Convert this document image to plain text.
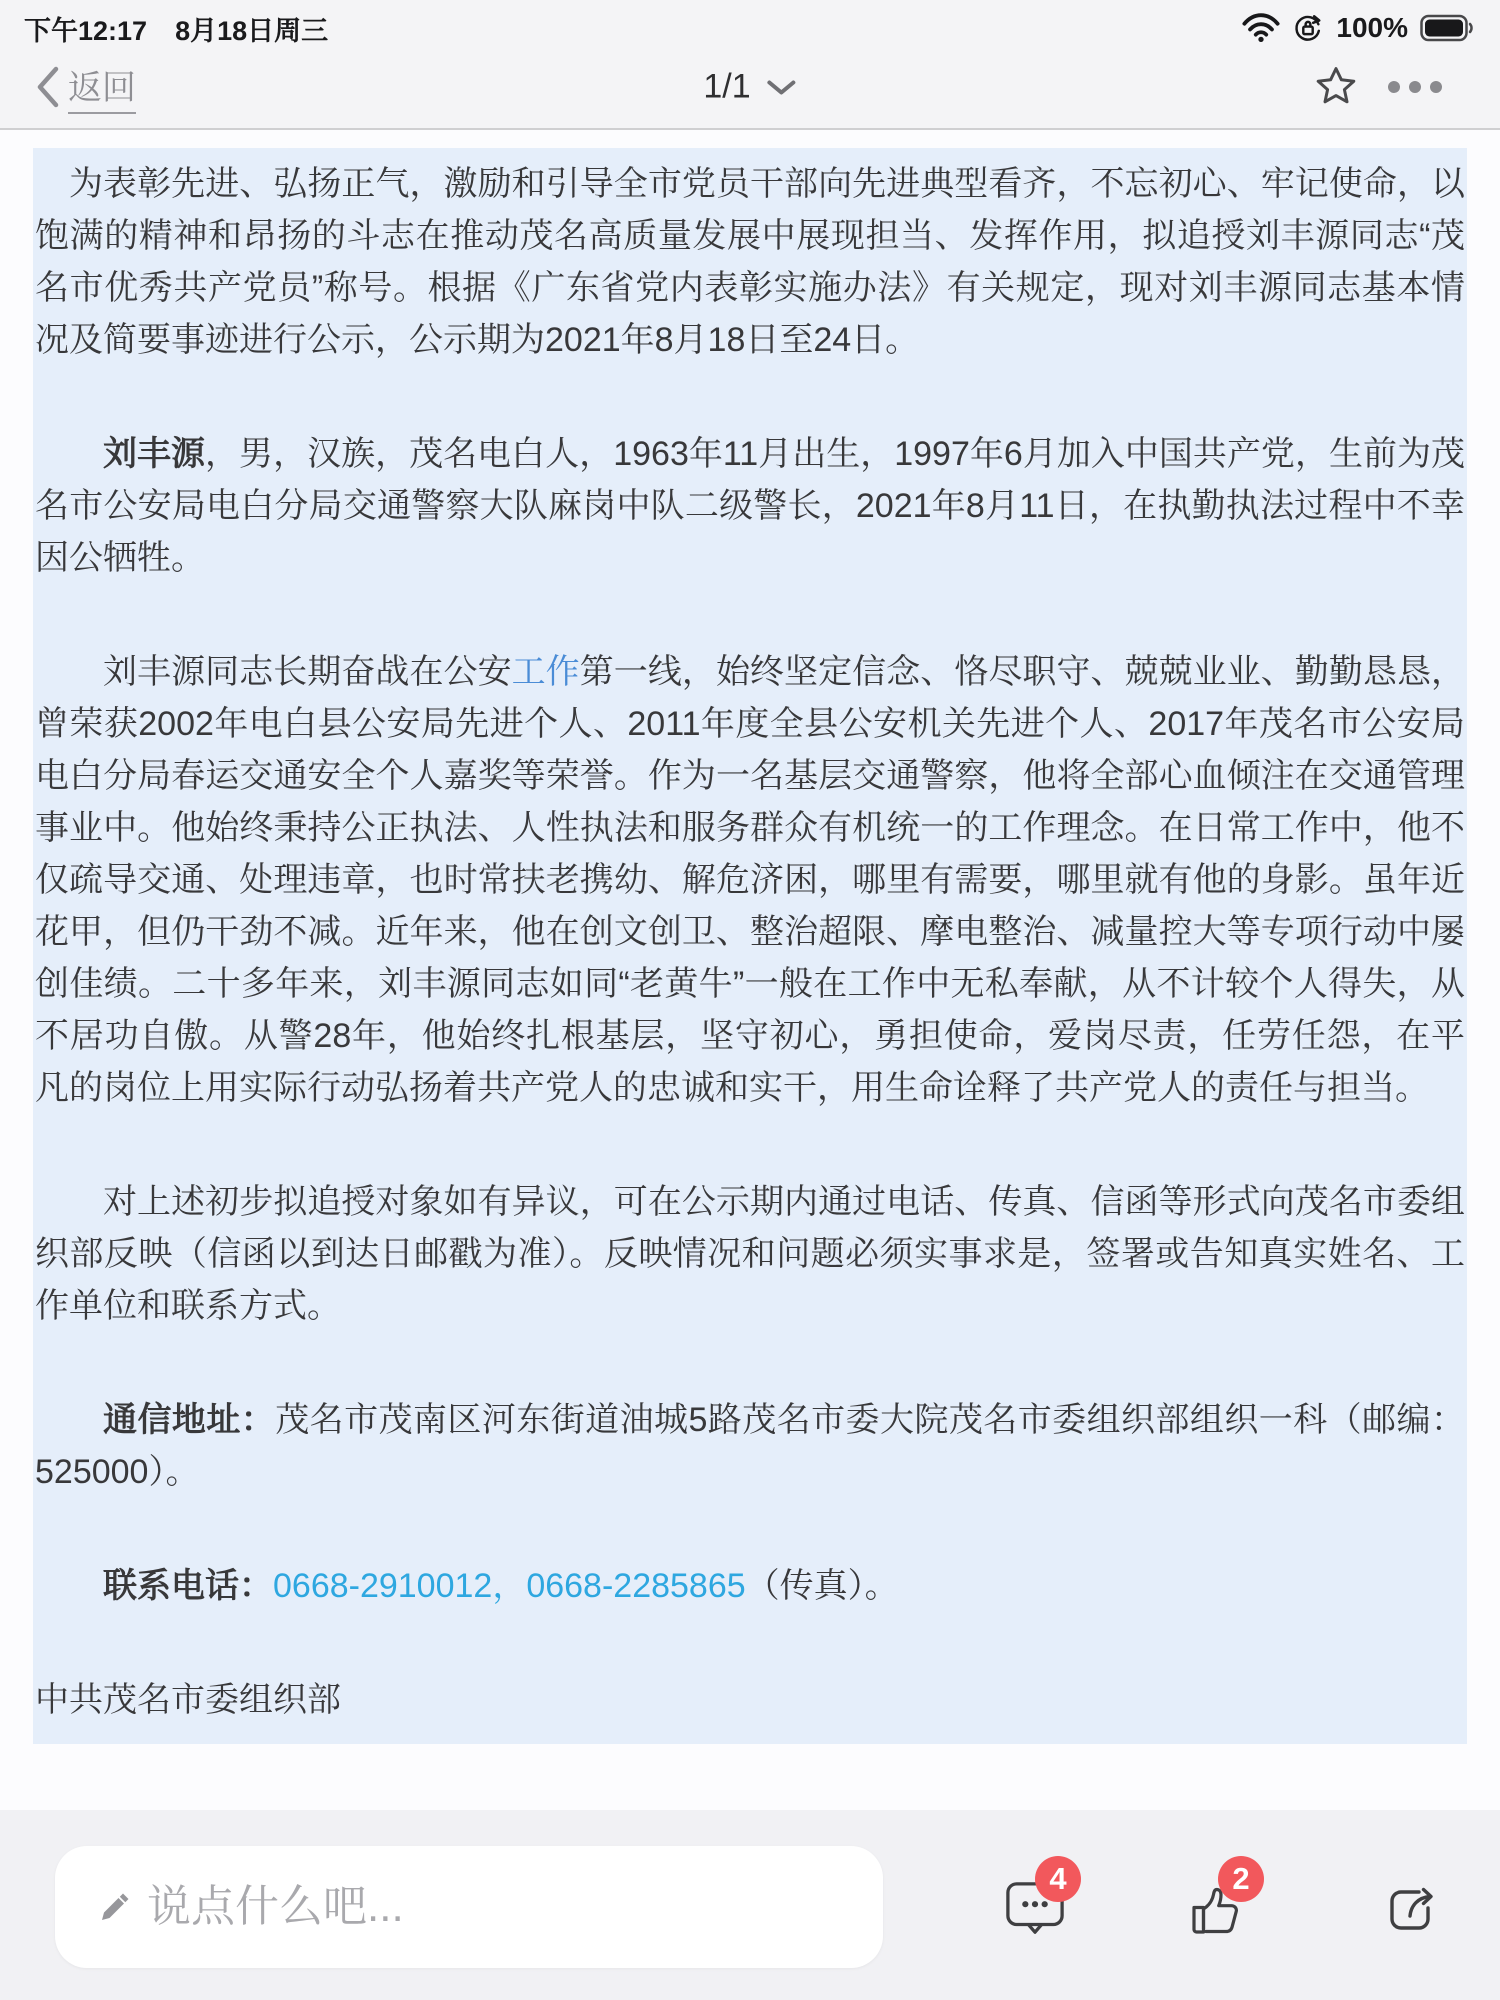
下午12:17 8月18日周三	100%
返回	1/1

为表彰先进、弘扬正气，激励和引导全市党员干部向先进典型看齐，不忘初心、牢记使命，以饱满的精神和昂扬的斗志在推动茂名高质量发展中展现担当、发挥作用，拟追授刘丰源同志“茂名市优秀共产党员”称号。根据《广东省党内表彰实施办法》有关规定，现对刘丰源同志基本情况及简要事迹进行公示，公示期为2021年8月18日至24日。

刘丰源，男，汉族，茂名电白人，1963年11月出生，1997年6月加入中国共产党，生前为茂名市公安局电白分局交通警察大队麻岗中队二级警长，2021年8月11日，在执勤执法过程中不幸因公牺牲。

刘丰源同志长期奋战在公安工作第一线，始终坚定信念、恪尽职守、兢兢业业、勤勤恳恳，曾荣获2002年电白县公安局先进个人、2011年度全县公安机关先进个人、2017年茂名市公安局电白分局春运交通安全个人嘉奖等荣誉。作为一名基层交通警察，他将全部心血倾注在交通管理事业中。他始终秉持公正执法、人性执法和服务群众有机统一的工作理念。在日常工作中，他不仅疏导交通、处理违章，也时常扶老携幼、解危济困，哪里有需要，哪里就有他的身影。虽年近花甲，但仍干劲不减。近年来，他在创文创卫、整治超限、摩电整治、减量控大等专项行动中屡创佳绩。二十多年来，刘丰源同志如同“老黄牛”一般在工作中无私奉献，从不计较个人得失，从不居功自傲。从警28年，他始终扎根基层，坚守初心，勇担使命，爱岗尽责，任劳任怨，在平凡的岗位上用实际行动弘扬着共产党人的忠诚和实干，用生命诠释了共产党人的责任与担当。

对上述初步拟追授对象如有异议，可在公示期内通过电话、传真、信函等形式向茂名市委组织部反映（信函以到达日邮戳为准）。反映情况和问题必须实事求是，签署或告知真实姓名、工作单位和联系方式。

通信地址：茂名市茂南区河东街道油城5路茂名市委大院茂名市委组织部组织一科（邮编：525000）。

联系电话：0668-2910012，0668-2285865（传真）。

中共茂名市委组织部

说点什么吧...
4	2
